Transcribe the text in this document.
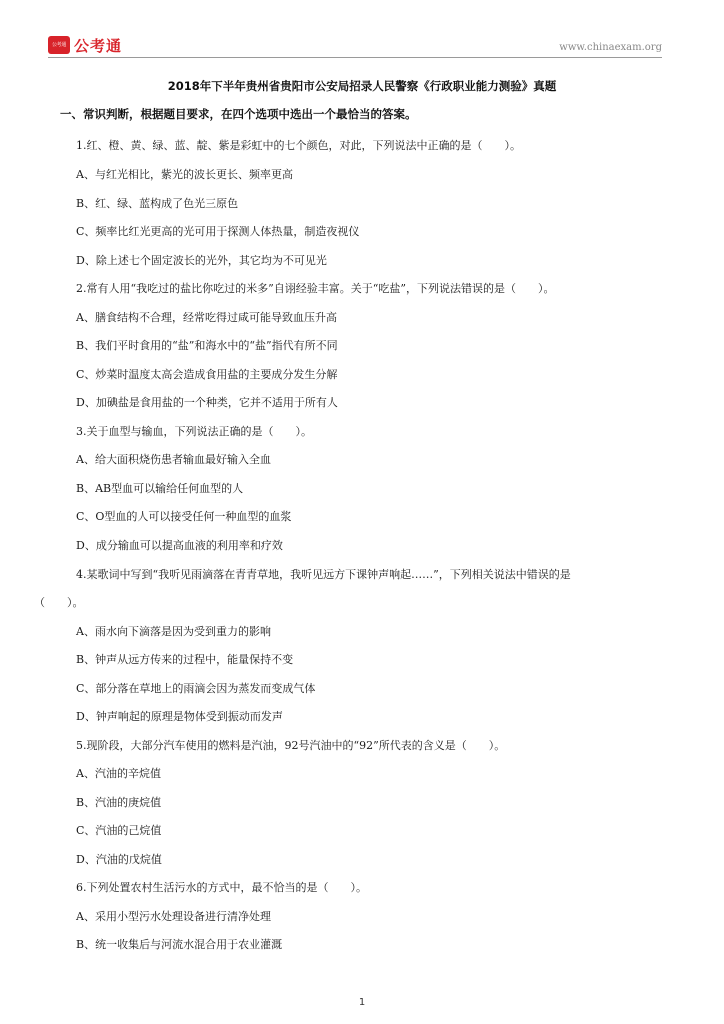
公考通 公考通	www.chinaexam.org
2018年下半年贵州省贵阳市公安局招录人民警察《行政职业能力测验》真题
一、常识判断，根据题目要求，在四个选项中选出一个最恰当的答案。
1.红、橙、黄、绿、蓝、靛、紫是彩虹中的七个颜色，对此，下列说法中正确的是（　　）。
A、与红光相比，紫光的波长更长、频率更高
B、红、绿、蓝构成了色光三原色
C、频率比红光更高的光可用于探测人体热量，制造夜视仪
D、除上述七个固定波长的光外，其它均为不可见光
2.常有人用“我吃过的盐比你吃过的米多”自诩经验丰富。关于“吃盐”，下列说法错误的是（　　）。
A、膳食结构不合理，经常吃得过咸可能导致血压升高
B、我们平时食用的“盐”和海水中的“盐”指代有所不同
C、炒菜时温度太高会造成食用盐的主要成分发生分解
D、加碘盐是食用盐的一个种类，它并不适用于所有人
3.关于血型与输血，下列说法正确的是（　　）。
A、给大面积烧伤患者输血最好输入全血
B、AB型血可以输给任何血型的人
C、O型血的人可以接受任何一种血型的血浆
D、成分输血可以提高血液的利用率和疗效
4.某歌词中写到“我听见雨滴落在青青草地，我听见远方下课钟声响起……”，下列相关说法中错误的是
（　　）。
A、雨水向下滴落是因为受到重力的影响
B、钟声从远方传来的过程中，能量保持不变
C、部分落在草地上的雨滴会因为蒸发而变成气体
D、钟声响起的原理是物体受到振动而发声
5.现阶段，大部分汽车使用的燃料是汽油，92号汽油中的“92”所代表的含义是（　　）。
A、汽油的辛烷值
B、汽油的庚烷值
C、汽油的己烷值
D、汽油的戊烷值
6.下列处置农村生活污水的方式中，最不恰当的是（　　）。
A、采用小型污水处理设备进行清净处理
B、统一收集后与河流水混合用于农业灌溉
1
